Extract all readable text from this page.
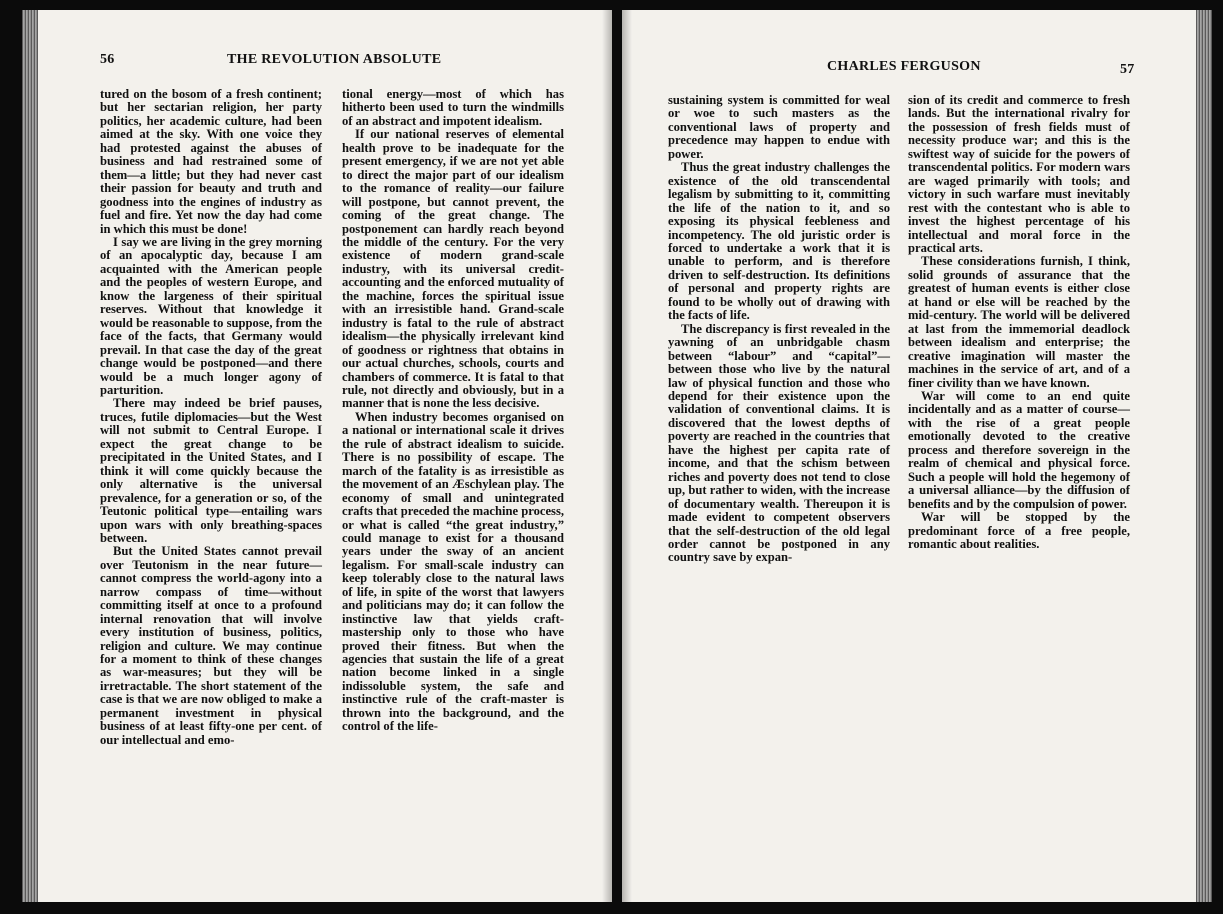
56	THE REVOLUTION ABSOLUTE

tured on the bosom of a fresh continent; but her sectarian religion, her party politics, her academic culture, had been aimed at the sky. With one voice they had protested against the abuses of business and had restrained some of them—a little; but they had never cast their passion for beauty and truth and goodness into the engines of industry as fuel and fire. Yet now the day had come in which this must be done!

I say we are living in the grey morning of an apocalyptic day, because I am acquainted with the American people and the peoples of western Europe, and know the largeness of their spiritual reserves. Without that knowledge it would be reasonable to suppose, from the face of the facts, that Germany would prevail. In that case the day of the great change would be postponed—and there would be a much longer agony of parturition.

There may indeed be brief pauses, truces, futile diplomacies—but the West will not submit to Central Europe. I expect the great change to be precipitated in the United States, and I think it will come quickly because the only alternative is the universal prevalence, for a generation or so, of the Teutonic political type—entailing wars upon wars with only breathing-spaces between.

But the United States cannot prevail over Teutonism in the near future—cannot compress the world-agony into a narrow compass of time—without committing itself at once to a profound internal renovation that will involve every institution of business, politics, religion and culture. We may continue for a moment to think of these changes as war-measures; but they will be irretractable. The short statement of the case is that we are now obliged to make a permanent investment in physical business of at least fifty-one per cent. of our intellectual and emo-

tional energy—most of which has hitherto been used to turn the windmills of an abstract and impotent idealism.

If our national reserves of elemental health prove to be inadequate for the present emergency, if we are not yet able to direct the major part of our idealism to the romance of reality—our failure will postpone, but cannot prevent, the coming of the great change. The postponement can hardly reach beyond the middle of the century. For the very existence of modern grand-scale industry, with its universal credit-accounting and the enforced mutuality of the machine, forces the spiritual issue with an irresistible hand. Grand-scale industry is fatal to the rule of abstract idealism—the physically irrelevant kind of goodness or rightness that obtains in our actual churches, schools, courts and chambers of commerce. It is fatal to that rule, not directly and obviously, but in a manner that is none the less decisive.

When industry becomes organised on a national or international scale it drives the rule of abstract idealism to suicide. There is no possibility of escape. The march of the fatality is as irresistible as the movement of an Æschylean play. The economy of small and unintegrated crafts that preceded the machine process, or what is called “the great industry,” could manage to exist for a thousand years under the sway of an ancient legalism. For small-scale industry can keep tolerably close to the natural laws of life, in spite of the worst that lawyers and politicians may do; it can follow the instinctive law that yields craft-mastership only to those who have proved their fitness. But when the agencies that sustain the life of a great nation become linked in a single indissoluble system, the safe and instinctive rule of the craft-master is thrown into the background, and the control of the life-

CHARLES FERGUSON	57

sustaining system is committed for weal or woe to such masters as the conventional laws of property and precedence may happen to endue with power.

Thus the great industry challenges the existence of the old transcendental legalism by submitting to it, committing the life of the nation to it, and so exposing its physical feebleness and incompetency. The old juristic order is forced to undertake a work that it is unable to perform, and is therefore driven to self-destruction. Its definitions of personal and property rights are found to be wholly out of drawing with the facts of life.

The discrepancy is first revealed in the yawning of an unbridgable chasm between “labour” and “capital”—between those who live by the natural law of physical function and those who depend for their existence upon the validation of conventional claims. It is discovered that the lowest depths of poverty are reached in the countries that have the highest per capita rate of income, and that the schism between riches and poverty does not tend to close up, but rather to widen, with the increase of documentary wealth. Thereupon it is made evident to competent observers that the self-destruction of the old legal order cannot be postponed in any country save by expan-

sion of its credit and commerce to fresh lands. But the international rivalry for the possession of fresh fields must of necessity produce war; and this is the swiftest way of suicide for the powers of transcendental politics. For modern wars are waged primarily with tools; and victory in such warfare must inevitably rest with the contestant who is able to invest the highest percentage of his intellectual and moral force in the practical arts.

These considerations furnish, I think, solid grounds of assurance that the greatest of human events is either close at hand or else will be reached by the mid-century. The world will be delivered at last from the immemorial deadlock between idealism and enterprise; the creative imagination will master the machines in the service of art, and of a finer civility than we have known.

War will come to an end quite incidentally and as a matter of course—with the rise of a great people emotionally devoted to the creative process and therefore sovereign in the realm of chemical and physical force. Such a people will hold the hegemony of a universal alliance—by the diffusion of benefits and by the compulsion of power.

War will be stopped by the predominant force of a free people, romantic about realities.
